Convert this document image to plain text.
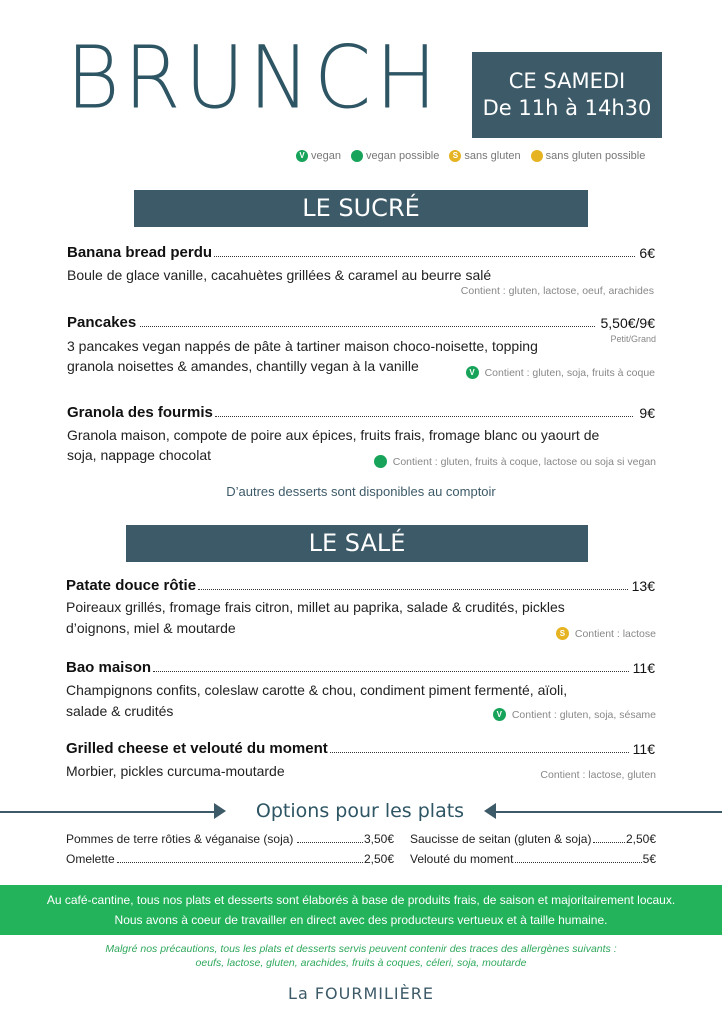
BRUNCH	CE SAMEDI
De 11h à 14h30
V vegan vegan possible	S sans gluten sans gluten possible
LE SUCRÉ
Banana bread perdu	6€
Boule de glace vanille, cacahuètes grillées & caramel au beurre salé
Contient : gluten, lactose, oeuf, arachides
Pancakes	5,50€/9€
Petit/Grand
3 pancakes vegan nappés de pâte à tartiner maison choco-noisette, topping
granola noisettes & amandes, chantilly vegan à la vanille	V Contient : gluten, soja, fruits à coque
Granola des fourmis	9€
Granola maison, compote de poire aux épices, fruits frais, fromage blanc ou yaourt de
soja, nappage chocolat	Contient : gluten, fruits à coque, lactose ou soja si vegan
D’autres desserts sont disponibles au comptoir
LE SALÉ
Patate douce rôtie	13€
Poireaux grillés, fromage frais citron, millet au paprika, salade & crudités, pickles
d’oignons, miel & moutarde	S Contient : lactose
Bao maison	11€
Champignons confits, coleslaw carotte & chou, condiment piment fermenté, aïoli,
salade & crudités	V Contient : gluten, soja, sésame
Grilled cheese et velouté du moment	11€
Morbier, pickles curcuma-moutarde	Contient : lactose, gluten
Options pour les plats
Pommes de terre rôties & véganaise (soja)	3,50€
Omelette	2,50€
Saucisse de seitan (gluten & soja)	2,50€
Velouté du moment	5€
Au café-cantine, tous nos plats et desserts sont élaborés à base de produits frais, de saison et majoritairement locaux.
Nous avons à coeur de travailler en direct avec des producteurs vertueux et à taille humaine.
Malgré nos précautions, tous les plats et desserts servis peuvent contenir des traces des allergènes suivants :
oeufs, lactose, gluten, arachides, fruits à coques, céleri, soja, moutarde
La FOURMILIÈRE
